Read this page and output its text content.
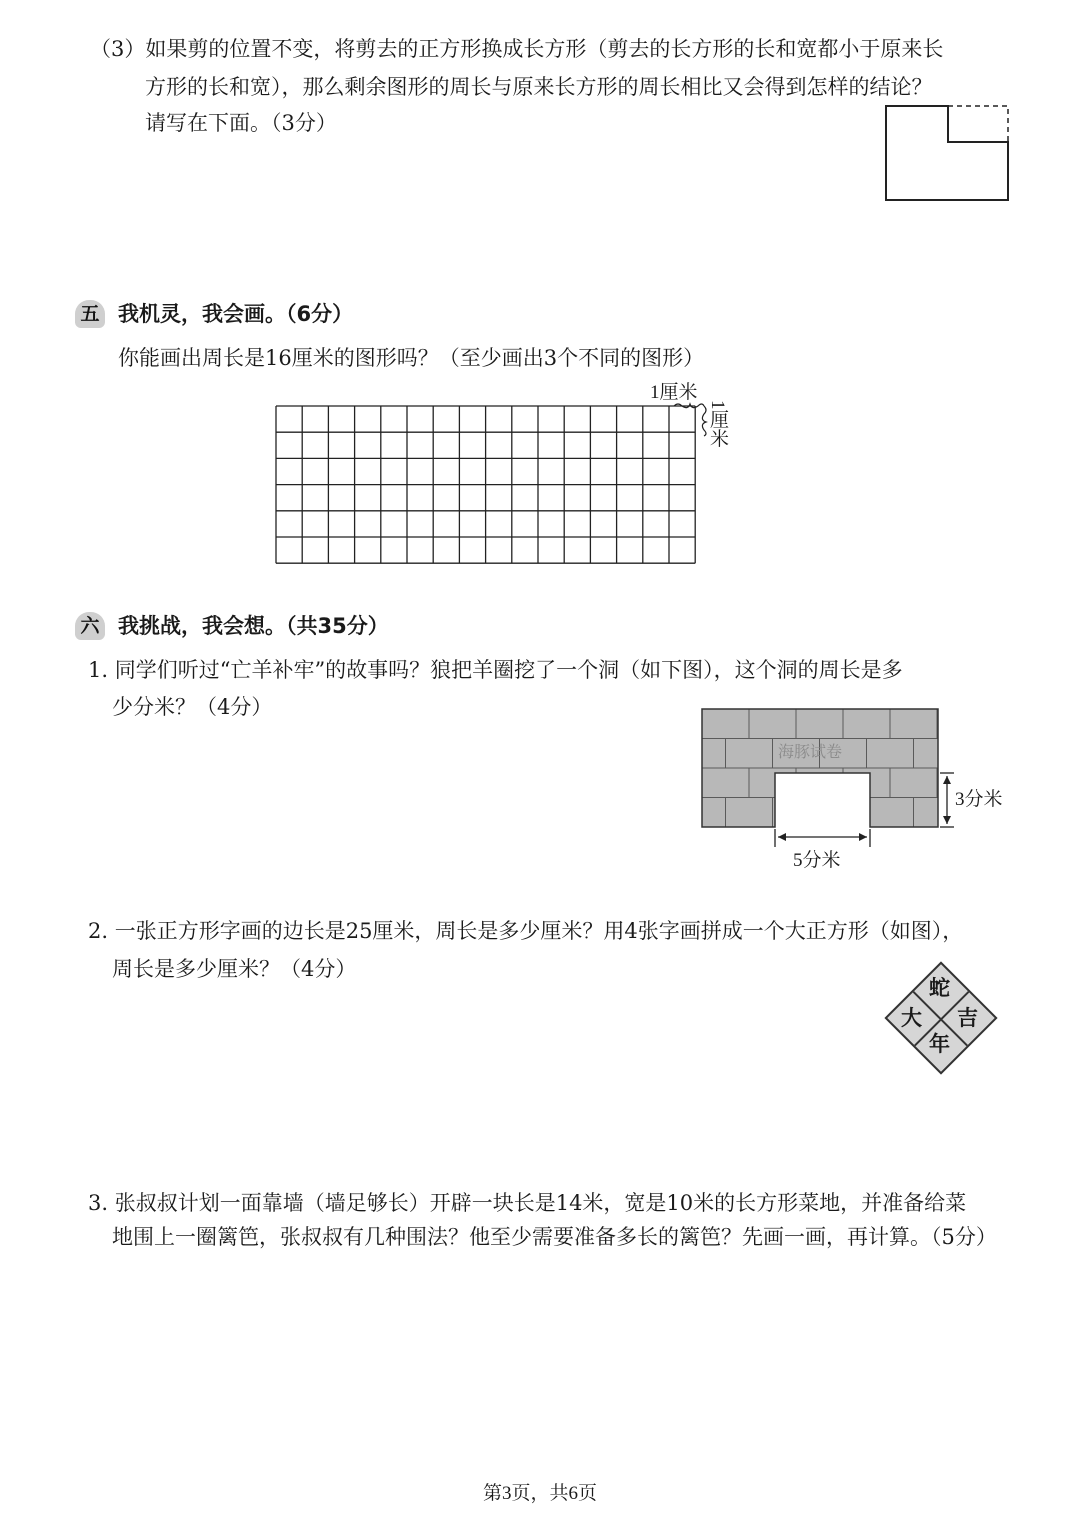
（3）如果剪的位置不变，将剪去的正方形换成长方形（剪去的长方形的长和宽都小于原来长
方形的长和宽），那么剩余图形的周长与原来长方形的周长相比又会得到怎样的结论？
请写在下面。（3分）
五 我机灵，我会画。（6分）
你能画出周长是16厘米的图形吗？（至少画出3个不同的图形）
1厘米
1厘米
六 我挑战，我会想。（共35分）
1. 同学们听过“亡羊补牢”的故事吗？狼把羊圈挖了一个洞（如下图），这个洞的周长是多
少分米？（4分）
海豚试卷
3分米
5分米
2. 一张正方形字画的边长是25厘米，周长是多少厘米？用4张字画拼成一个大正方形（如图），
周长是多少厘米？（4分）
蛇
吉
年
大
3. 张叔叔计划一面靠墙（墙足够长）开辟一块长是14米，宽是10米的长方形菜地，并准备给菜
地围上一圈篱笆，张叔叔有几种围法？他至少需要准备多长的篱笆？先画一画，再计算。（5分）
第3页，共6页
